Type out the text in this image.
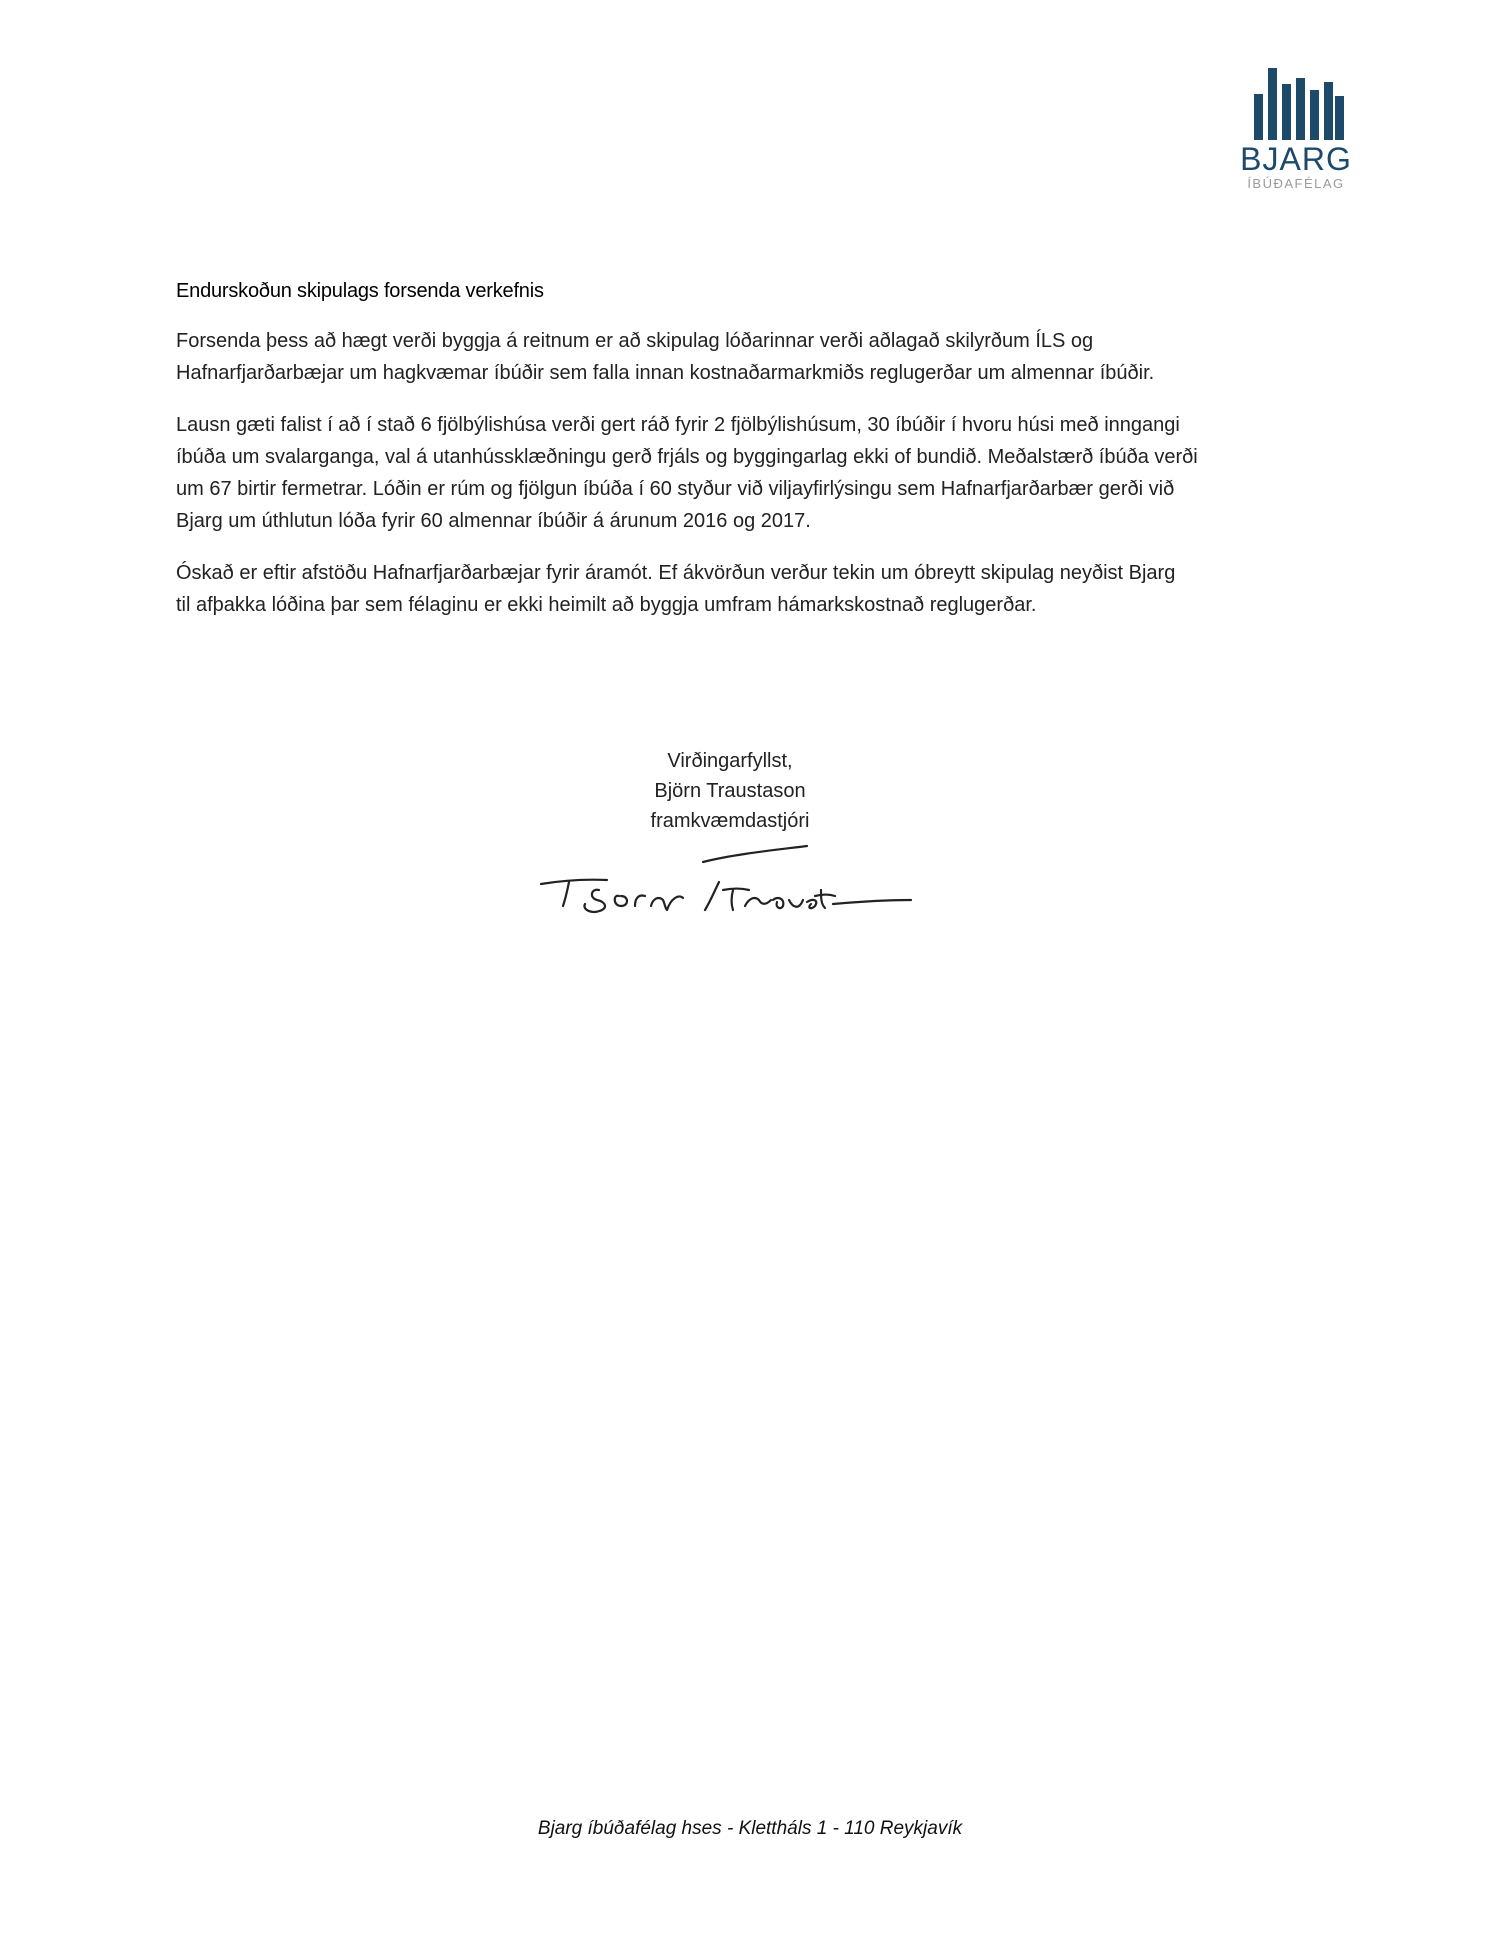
BJARG
ÍBÚÐAFÉLAG
Endurskoðun skipulags forsenda verkefnis

Forsenda þess að hægt verði byggja á reitnum er að skipulag lóðarinnar verði aðlagað skilyrðum ÍLS og
Hafnarfjarðarbæjar um hagkvæmar íbúðir sem falla innan kostnaðarmarkmiðs reglugerðar um almennar íbúðir.

Lausn gæti falist í að í stað 6 fjölbýlishúsa verði gert ráð fyrir 2 fjölbýlishúsum, 30 íbúðir í hvoru húsi með inngangi
íbúða um svalarganga, val á utanhússklæðningu gerð frjáls og byggingarlag ekki of bundið. Meðalstærð íbúða verði
um 67 birtir fermetrar. Lóðin er rúm og fjölgun íbúða í 60 styður við viljayfirlýsingu sem Hafnarfjarðarbær gerði við
Bjarg um úthlutun lóða fyrir 60 almennar íbúðir á árunum 2016 og 2017.

Óskað er eftir afstöðu Hafnarfjarðarbæjar fyrir áramót. Ef ákvörðun verður tekin um óbreytt skipulag neyðist Bjarg
til afþakka lóðina þar sem félaginu er ekki heimilt að byggja umfram hámarkskostnað reglugerðar.

Virðingarfyllst,
Björn Traustason
framkvæmdastjóri
Bjarg íbúðafélag hses - Klettháls 1 - 110 Reykjavík
